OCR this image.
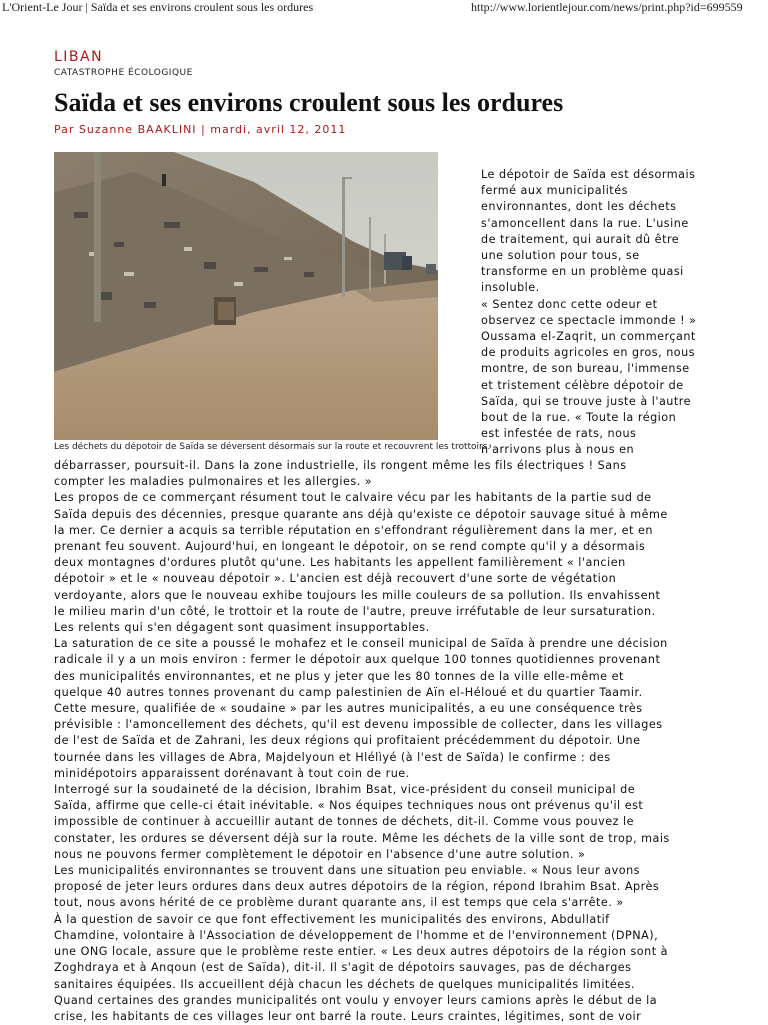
L'Orient-Le Jour | Saïda et ses environs croulent sous les ordures	http://www.lorientlejour.com/news/print.php?id=699559
LIBAN
CATASTROPHE ÉCOLOGIQUE
Saïda et ses environs croulent sous les ordures
Par Suzanne BAAKLINI | mardi, avril 12, 2011
Les déchets du dépotoir de Saïda se déversent désormais sur la route et recouvrent les trottoirs.
Le dépotoir de Saïda est désormais
fermé aux municipalités
environnantes, dont les déchets
s'amoncellent dans la rue. L'usine
de traitement, qui aurait dû être
une solution pour tous, se
transforme en un problème quasi
insoluble.
« Sentez donc cette odeur et
observez ce spectacle immonde ! »
Oussama el-Zaqrit, un commerçant
de produits agricoles en gros, nous
montre, de son bureau, l'immense
et tristement célèbre dépotoir de
Saïda, qui se trouve juste à l'autre
bout de la rue. « Toute la région
est infestée de rats, nous
n'arrivons plus à nous en
débarrasser, poursuit-il. Dans la zone industrielle, ils rongent même les fils électriques ! Sans
compter les maladies pulmonaires et les allergies. »
Les propos de ce commerçant résument tout le calvaire vécu par les habitants de la partie sud de
Saïda depuis des décennies, presque quarante ans déjà qu'existe ce dépotoir sauvage situé à même
la mer. Ce dernier a acquis sa terrible réputation en s'effondrant régulièrement dans la mer, et en
prenant feu souvent. Aujourd'hui, en longeant le dépotoir, on se rend compte qu'il y a désormais
deux montagnes d'ordures plutôt qu'une. Les habitants les appellent familièrement « l'ancien
dépotoir » et le « nouveau dépotoir ». L'ancien est déjà recouvert d'une sorte de végétation
verdoyante, alors que le nouveau exhibe toujours les mille couleurs de sa pollution. Ils envahissent
le milieu marin d'un côté, le trottoir et la route de l'autre, preuve irréfutable de leur sursaturation.
Les relents qui s'en dégagent sont quasiment insupportables.
La saturation de ce site a poussé le mohafez et le conseil municipal de Saïda à prendre une décision
radicale il y a un mois environ : fermer le dépotoir aux quelque 100 tonnes quotidiennes provenant
des municipalités environnantes, et ne plus y jeter que les 80 tonnes de la ville elle-même et
quelque 40 autres tonnes provenant du camp palestinien de Aïn el-Héloué et du quartier Taamir.
Cette mesure, qualifiée de « soudaine » par les autres municipalités, a eu une conséquence très
prévisible : l'amoncellement des déchets, qu'il est devenu impossible de collecter, dans les villages
de l'est de Saïda et de Zahrani, les deux régions qui profitaient précédemment du dépotoir. Une
tournée dans les villages de Abra, Majdelyoun et Hlélìyé (à l'est de Saïda) le confirme : des
minidépotoirs apparaissent dorénavant à tout coin de rue.
Interrogé sur la soudaineté de la décision, Ibrahim Bsat, vice-président du conseil municipal de
Saïda, affirme que celle-ci était inévitable. « Nos équipes techniques nous ont prévenus qu'il est
impossible de continuer à accueillir autant de tonnes de déchets, dit-il. Comme vous pouvez le
constater, les ordures se déversent déjà sur la route. Même les déchets de la ville sont de trop, mais
nous ne pouvons fermer complètement le dépotoir en l'absence d'une autre solution. »
Les municipalités environnantes se trouvent dans une situation peu enviable. « Nous leur avons
proposé de jeter leurs ordures dans deux autres dépotoirs de la région, répond Ibrahim Bsat. Après
tout, nous avons hérité de ce problème durant quarante ans, il est temps que cela s'arrête. »
À la question de savoir ce que font effectivement les municipalités des environs, Abdullatif
Chamdine, volontaire à l'Association de développement de l'homme et de l'environnement (DPNA),
une ONG locale, assure que le problème reste entier. « Les deux autres dépotoirs de la région sont à
Zoghdraya et à Anqoun (est de Saïda), dit-il. Il s'agit de dépotoirs sauvages, pas de décharges
sanitaires équipées. Ils accueillent déjà chacun les déchets de quelques municipalités limitées.
Quand certaines des grandes municipalités ont voulu y envoyer leurs camions après le début de la
crise, les habitants de ces villages leur ont barré la route. Leurs craintes, légitimes, sont de voir
